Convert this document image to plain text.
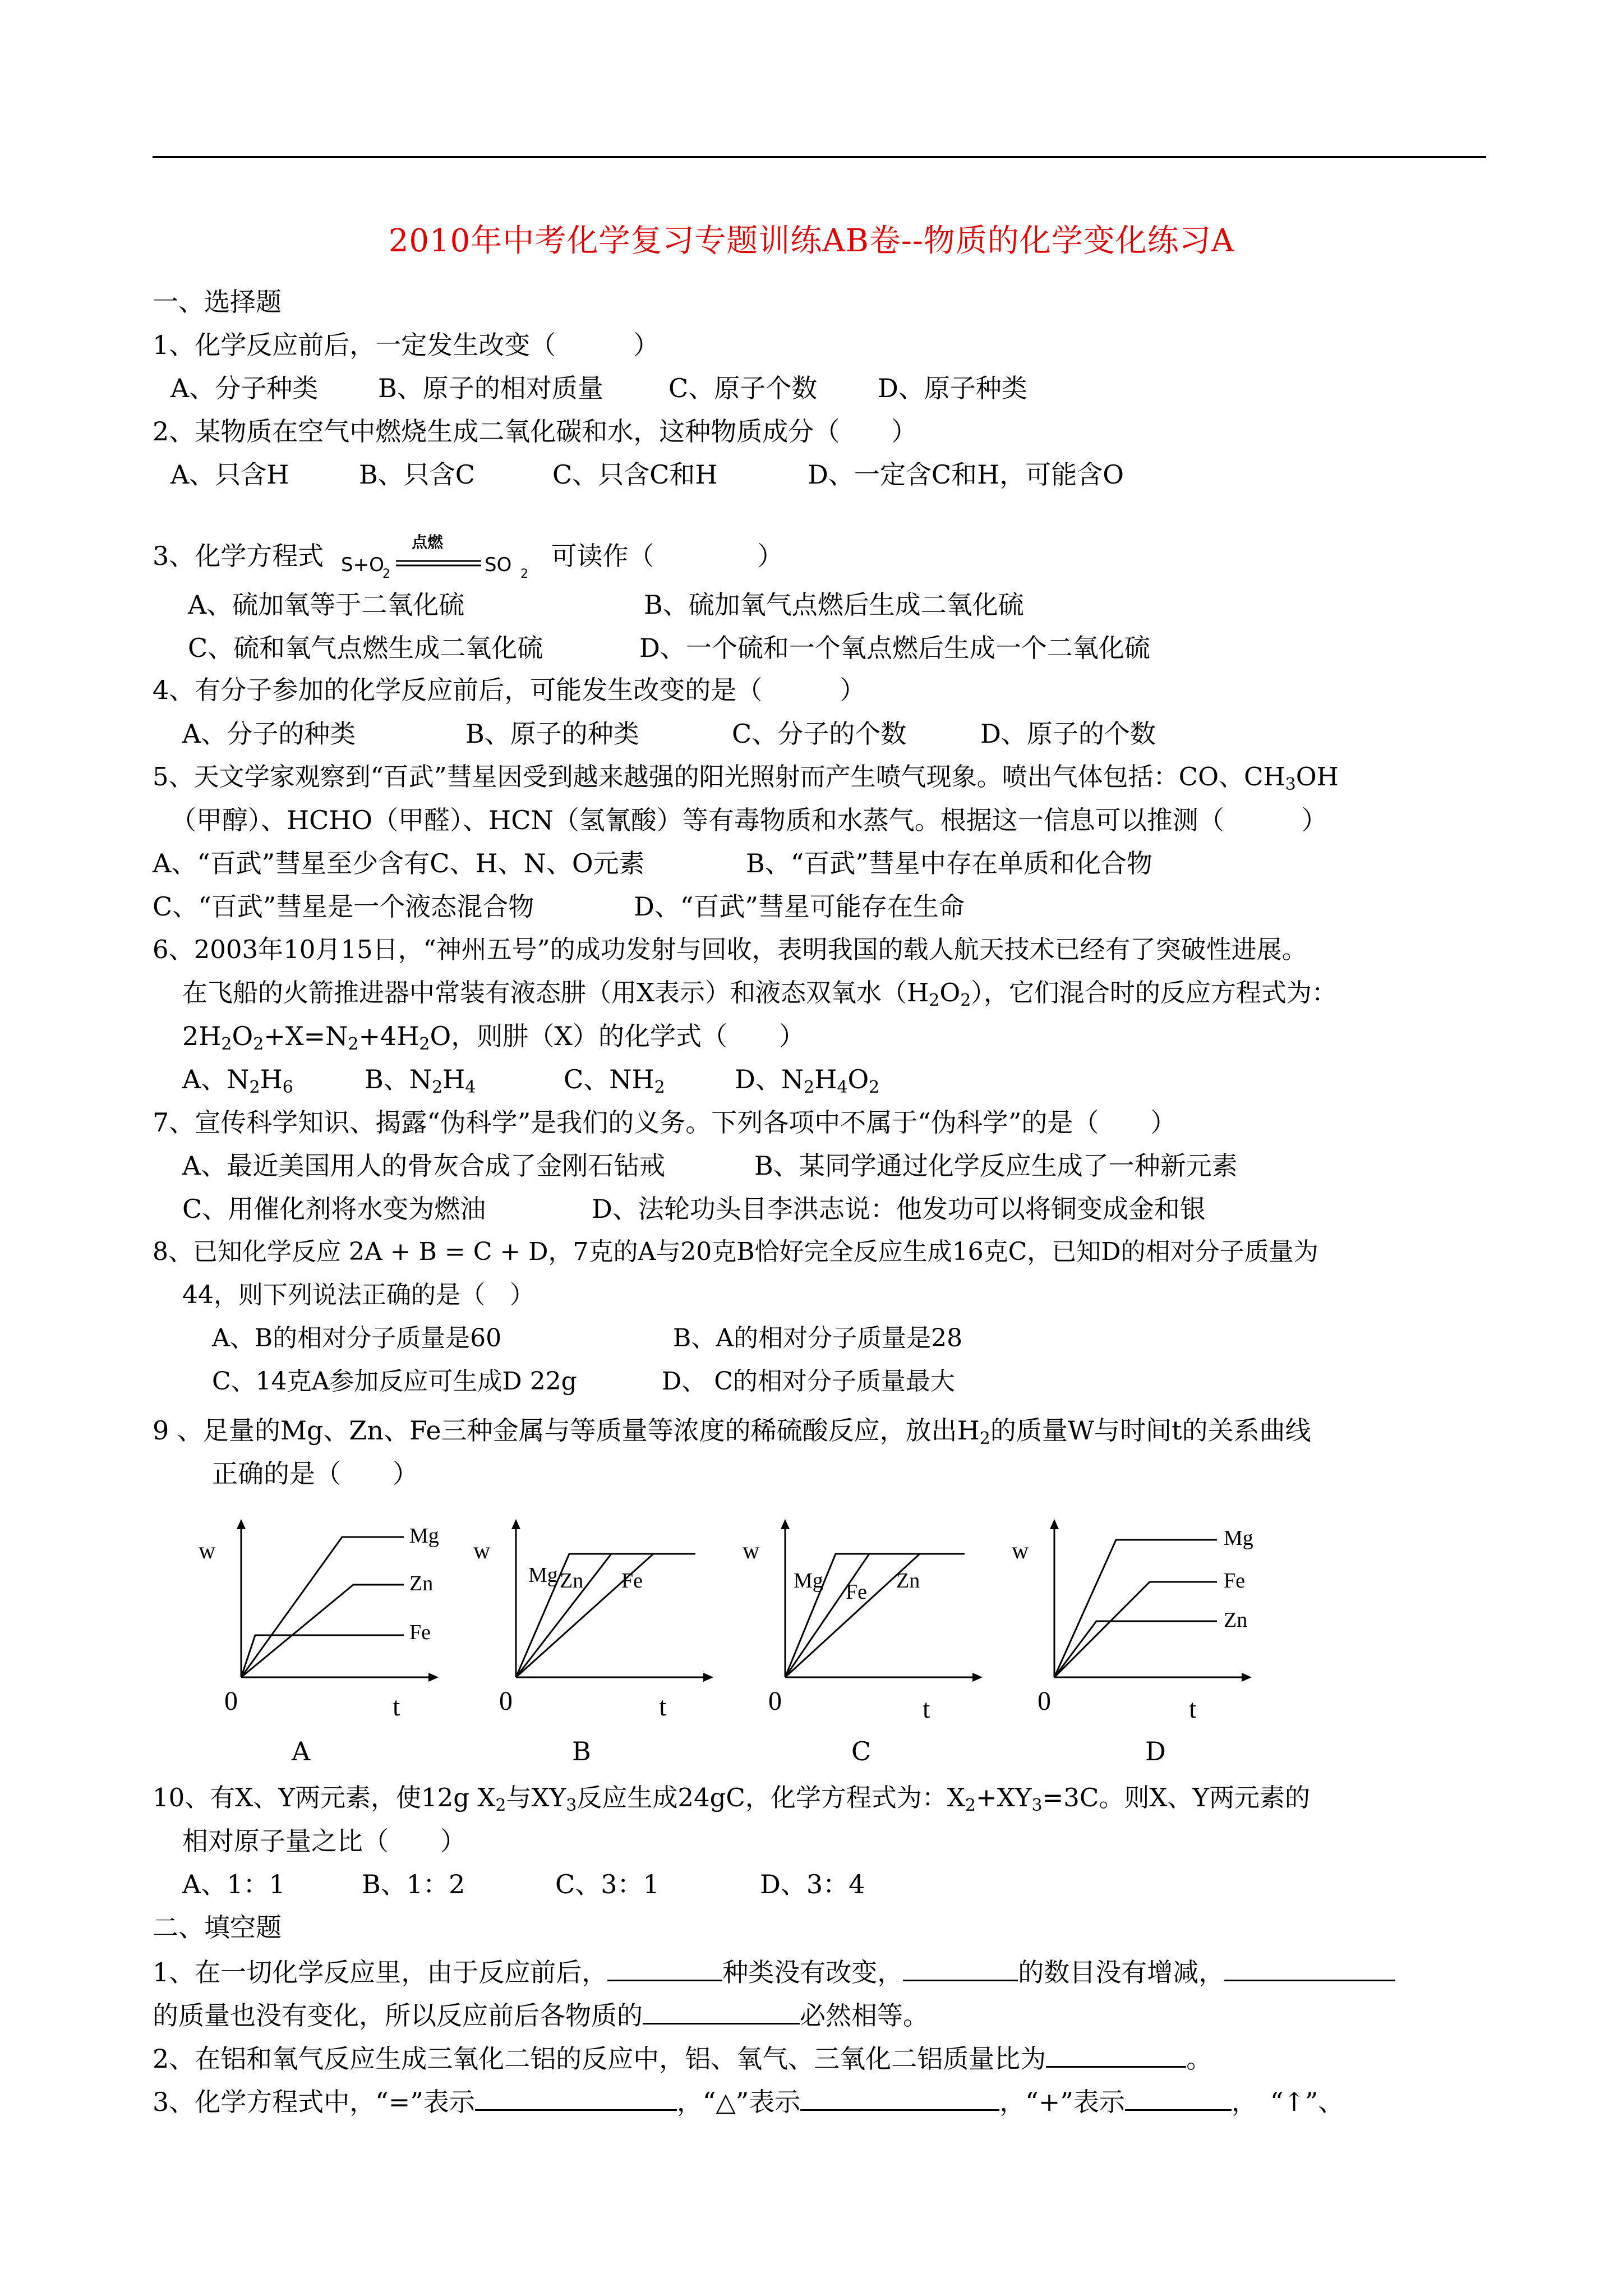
2010年中考化学复习专题训练AB卷--物质的化学变化练习A
一、选择题
1、化学反应前后，一定发生改变（　　　）
A、分子种类 B、原子的相对质量	C、原子个数 D、原子种类
2、某物质在空气中燃烧生成二氧化碳和水，这种物质成分（　　）
A、只含H	B、只含C	C、只含C和H	D、一定含C和H，可能含O
3、化学方程式 S+O
2
点燃
SO 2
可读作（　　　　）
A、硫加氧等于二氧化硫	B、硫加氧气点燃后生成二氧化硫
C、硫和氧气点燃生成二氧化硫	D、一个硫和一个氧点燃后生成一个二氧化硫
4、有分子参加的化学反应前后，可能发生改变的是（　　　）
A、分子的种类	B、原子的种类	C、分子的个数	D、原子的个数
5、天文学家观察到“百武”彗星因受到越来越强的阳光照射而产生喷气现象。喷出气体包括：CO、$CH_3OH$
（甲醇）、HCHO（甲醛）、HCN（氢氰酸）等有毒物质和水蒸气。根据这一信息可以推测（　　　）
A、“百武”彗星至少含有C、H、N、O元素	B、“百武”彗星中存在单质和化合物
C、“百武”彗星是一个液态混合物	D、“百武”彗星可能存在生命
6、2003年10月15日，“神州五号”的成功发射与回收，表明我国的载人航天技术已经有了突破性进展。
在飞船的火箭推进器中常装有液态肼（用X表示）和液态双氧水$(H_2O_2)$，它们混合时的反应方程式为：
$2H_2O_2+X=N_2+4H_2O$，则肼（X）的化学式（　　）
A、$N_2H_6$	B、$N_2H_4$	C、$NH_2$	D、$N_2H_4O_2$
7、宣传科学知识、揭露“伪科学”是我们的义务。下列各项中不属于“伪科学”的是（　　）
A、最近美国用人的骨灰合成了金刚石钻戒	B、某同学通过化学反应生成了一种新元素
C、用催化剂将水变为燃油	D、法轮功头目李洪志说：他发功可以将铜变成金和银
8、已知化学反应 2A + B = C + D，7克的A与20克B恰好完全反应生成16克C，已知D的相对分子质量为
44，则下列说法正确的是（　）
A、B的相对分子质量是60	B、A的相对分子质量是28
C、14克A参加反应可生成D 22g	D、 C的相对分子质量最大
9 、足量的Mg、Zn、Fe三种金属与等质量等浓度的稀硫酸反应，放出$H_2$的质量W与时间t的关系曲线
正确的是（　　）
w
0	t
Mg
Zn
Fe
w
0	t
Mg Zn Fe
w
0	t
Mg Fe Zn
w
0	t
Mg
Fe
Zn
A	B	C	D
10、有X、Y两元素，使12g $X_2$与$XY_3$反应生成24gC，化学方程式为：$X_2+XY_3=3C$。则X、Y两元素的
相对原子量之比（　　）
A、1：1	B、1：2	C、3：1	D、3：4
二、填空题
1、在一切化学反应里，由于反应前后，	种类没有改变，	的数目没有增减，
的质量也没有变化，所以反应前后各物质的	必然相等。
2、在铝和氧气反应生成三氧化二铝的反应中，铝、氧气、三氧化二铝质量比为	。
3、化学方程式中，“=”表示	，“△”表示	，“+”表示	，　“↑”、
